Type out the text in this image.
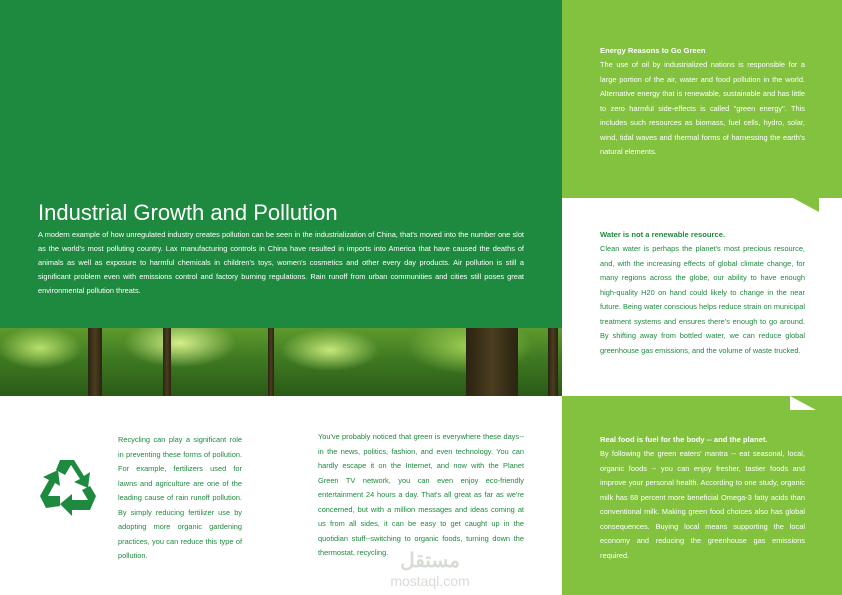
Industrial Growth and Pollution
A modern example of how unregulated industry creates pollution can be seen in the industrialization of China, that's moved into the number one slot as the world's most polluting country. Lax manufacturing controls in China have resulted in imports into America that have caused the deaths of animals as well as exposure to harmful chemicals in children's toys, women's cosmetics and other every day products. Air pollution is still a significant problem even with emissions control and factory burning regulations. Rain runoff from urban communities and cities still poses great environmental pollution threats.
Energy Reasons to Go Green

The use of oil by industrialized nations is responsible for a large portion of the air, water and food pollution in the world. Alternative energy that is renewable, sustainable and has little to zero harmful side-effects is called "green energy". This includes such resources as biomass, fuel cells, hydro, solar, wind, tidal waves and thermal forms of harnessing the earth's natural elements.

Water is not a renewable resource.

Clean water is perhaps the planet's most precious resource, and, with the increasing effects of global climate change, for many regions across the globe, our ability to have enough high-quality H20 on hand could likely to change in the near future. Being water conscious helps reduce strain on municipal treatment systems and ensures there's enough to go around. By shifting away from bottled water, we can reduce global greenhouse gas emissions, and the volume of waste trucked.

Real food is fuel for the body -- and the planet.

By following the green eaters' mantra -- eat seasonal, local, organic foods -- you can enjoy fresher, tastier foods and improve your personal health. According to one study, organic milk has 68 percent more beneficial Omega-3 fatty acids than conventional milk. Making green food choices also has global consequences. Buying local means supporting the local economy and reducing the greenhouse gas emissions required.

Recycling can play a significant role in preventing these forms of pollution. For example, fertilizers used for lawns and agriculture are one of the leading cause of rain runoff pollution. By simply reducing fertilizer use by adopting more organic gardening practices, you can reduce this type of pollution.
You've probably noticed that green is everywhere these days--in the news, politics, fashion, and even technology. You can hardly escape it on the Internet, and now with the Planet Green TV network, you can even enjoy eco-friendly entertainment 24 hours a day. That's all great as far as we're concerned, but with a million messages and ideas coming at us from all sides, it can be easy to get caught up in the quotidian stuff--switching to organic foods, turning down the thermostat, recycling. مستقل
mostaql.com
